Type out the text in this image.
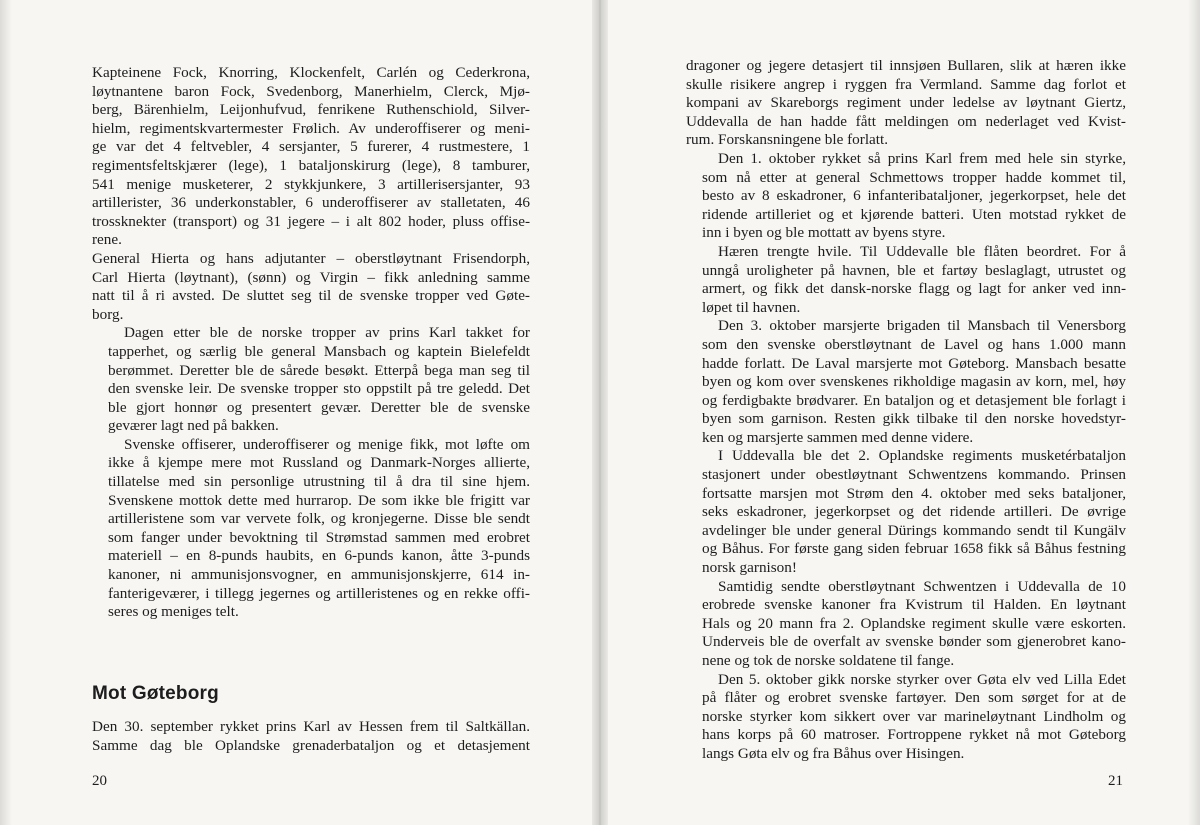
Kapteinene Fock, Knorring, Klockenfelt, Carlén og Cederkrona,
løytnantene baron Fock, Svedenborg, Manerhielm, Clerck, Mjø-
berg, Bärenhielm, Leijonhufvud, fenrikene Ruthenschiold, Silver-
hielm, regimentskvartermester Frølich. Av underoffiserer og meni-
ge var det 4 feltvebler, 4 sersjanter, 5 furerer, 4 rustmestere, 1
regimentsfeltskjærer (lege), 1 bataljonskirurg (lege), 8 tamburer,
541 menige musketerer, 2 stykkjunkere, 3 artillerisersjanter, 93
artillerister, 36 underkonstabler, 6 underoffiserer av stalletaten, 46
trossknekter (transport) og 31 jegere – i alt 802 hoder, pluss offise-
rene.

General Hierta og hans adjutanter – oberstløytnant Frisendorph,
Carl Hierta (løytnant), (sønn) og Virgin – fikk anledning samme
natt til å ri avsted. De sluttet seg til de svenske tropper ved Gøte-
borg.

Dagen etter ble de norske tropper av prins Karl takket for
tapperhet, og særlig ble general Mansbach og kaptein Bielefeldt
berømmet. Deretter ble de sårede besøkt. Etterpå bega man seg til
den svenske leir. De svenske tropper sto oppstilt på tre geledd. Det
ble gjort honnør og presentert gevær. Deretter ble de svenske
geværer lagt ned på bakken.

Svenske offiserer, underoffiserer og menige fikk, mot løfte om
ikke å kjempe mere mot Russland og Danmark-Norges allierte,
tillatelse med sin personlige utrustning til å dra til sine hjem.
Svenskene mottok dette med hurrarop. De som ikke ble frigitt var
artilleristene som var vervete folk, og kronjegerne. Disse ble sendt
som fanger under bevoktning til Strømstad sammen med erobret
materiell – en 8-punds haubits, en 6-punds kanon, åtte 3-punds
kanoner, ni ammunisjonsvogner, en ammunisjonskjerre, 614 in-
fanterigeværer, i tillegg jegernes og artilleristenes og en rekke offi-
seres og meniges telt.

Mot Gøteborg

Den 30. september rykket prins Karl av Hessen frem til Saltkällan.
Samme dag ble Oplandske grenaderbataljon og et detasjement

20

dragoner og jegere detasjert til innsjøen Bullaren, slik at hæren ikke
skulle risikere angrep i ryggen fra Vermland. Samme dag forlot et
kompani av Skareborgs regiment under ledelse av løytnant Giertz,
Uddevalla de han hadde fått meldingen om nederlaget ved Kvist-
rum. Forskansningene ble forlatt.

Den 1. oktober rykket så prins Karl frem med hele sin styrke,
som nå etter at general Schmettows tropper hadde kommet til,
besto av 8 eskadroner, 6 infanteribataljoner, jegerkorpset, hele det
ridende artilleriet og et kjørende batteri. Uten motstad rykket de
inn i byen og ble mottatt av byens styre.

Hæren trengte hvile. Til Uddevalle ble flåten beordret. For å
unngå uroligheter på havnen, ble et fartøy beslaglagt, utrustet og
armert, og fikk det dansk-norske flagg og lagt for anker ved inn-
løpet til havnen.

Den 3. oktober marsjerte brigaden til Mansbach til Venersborg
som den svenske oberstløytnant de Lavel og hans 1.000 mann
hadde forlatt. De Laval marsjerte mot Gøteborg. Mansbach besatte
byen og kom over svenskenes rikholdige magasin av korn, mel, høy
og ferdigbakte brødvarer. En bataljon og et detasjement ble forlagt i
byen som garnison. Resten gikk tilbake til den norske hovedstyr-
ken og marsjerte sammen med denne videre.

I Uddevalla ble det 2. Oplandske regiments musketérbataljon
stasjonert under obestløytnant Schwentzens kommando. Prinsen
fortsatte marsjen mot Strøm den 4. oktober med seks bataljoner,
seks eskadroner, jegerkorpset og det ridende artilleri. De øvrige
avdelinger ble under general Dürings kommando sendt til Kungälv
og Båhus. For første gang siden februar 1658 fikk så Båhus festning
norsk garnison!

Samtidig sendte oberstløytnant Schwentzen i Uddevalla de 10
erobrede svenske kanoner fra Kvistrum til Halden. En løytnant
Hals og 20 mann fra 2. Oplandske regiment skulle være eskorten.
Underveis ble de overfalt av svenske bønder som gjenerobret kano-
nene og tok de norske soldatene til fange.

Den 5. oktober gikk norske styrker over Gøta elv ved Lilla Edet
på flåter og erobret svenske fartøyer. Den som sørget for at de
norske styrker kom sikkert over var marineløytnant Lindholm og
hans korps på 60 matroser. Fortroppene rykket nå mot Gøteborg
langs Gøta elv og fra Båhus over Hisingen.

21
